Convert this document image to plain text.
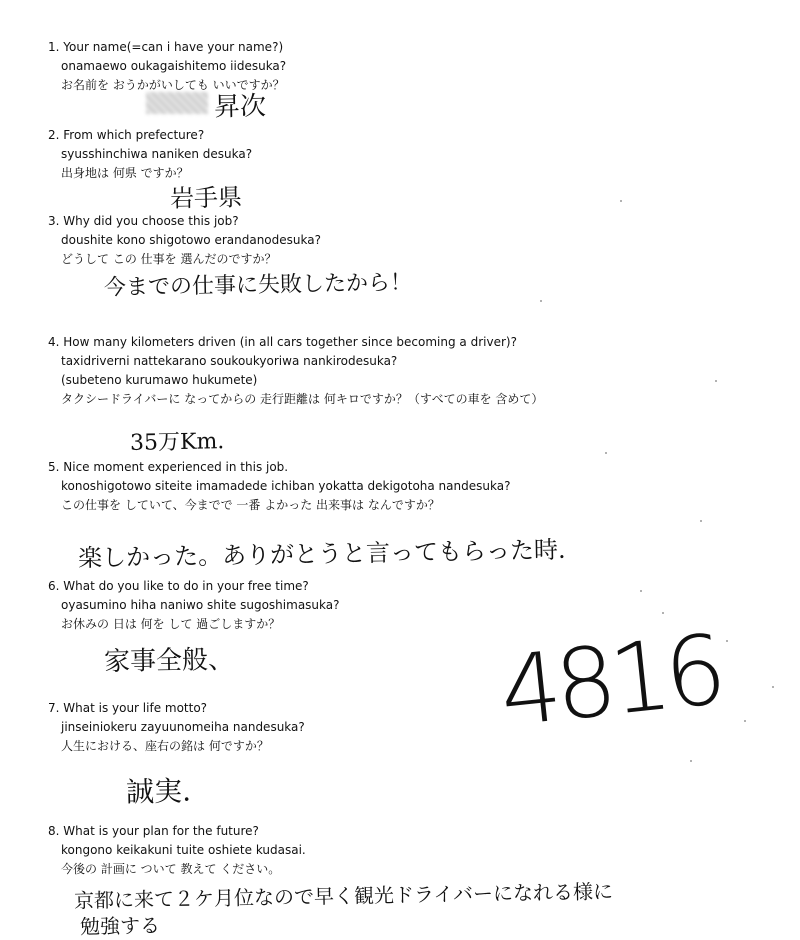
1. Your name(=can i have your name?)
onamaewo oukagaishitemo iidesuka?
お名前を おうかがいしても いいですか？
昇次
2. From which prefecture?
syusshinchiwa naniken desuka?
出身地は 何県 ですか？
岩手県
3. Why did you choose this job?
doushite kono shigotowo erandanodesuka?
どうして この 仕事を 選んだのですか？
今までの仕事に失敗したから！
4. How many kilometers driven (in all cars together since becoming a driver)?
taxidriverni nattekarano soukoukyoriwa nankirodesuka?
(subeteno kurumawo hukumete)
タクシードライバーに なってからの 走行距離は 何キロですか？（すべての車を 含めて）
35万Km.
5. Nice moment experienced in this job.
konoshigotowo siteite imamadede ichiban yokatta dekigotoha nandesuka?
この仕事を していて、今までで 一番 よかった 出来事は なんですか？
楽しかった。ありがとうと言ってもらった時.
6. What do you like to do in your free time?
oyasumino hiha naniwo shite sugoshimasuka?
お休みの 日は 何を して 過ごしますか？
家事全般、	4816
7. What is your life motto?
jinseiniokeru zayuunomeiha nandesuka?
人生における、座右の銘は 何ですか？
誠実.
8. What is your plan for the future?
kongono keikakuni tuite oshiete kudasai.
今後の 計画に ついて 教えて ください。
京都に来て２ケ月位なので早く観光ドライバーになれる様に
勉強する
